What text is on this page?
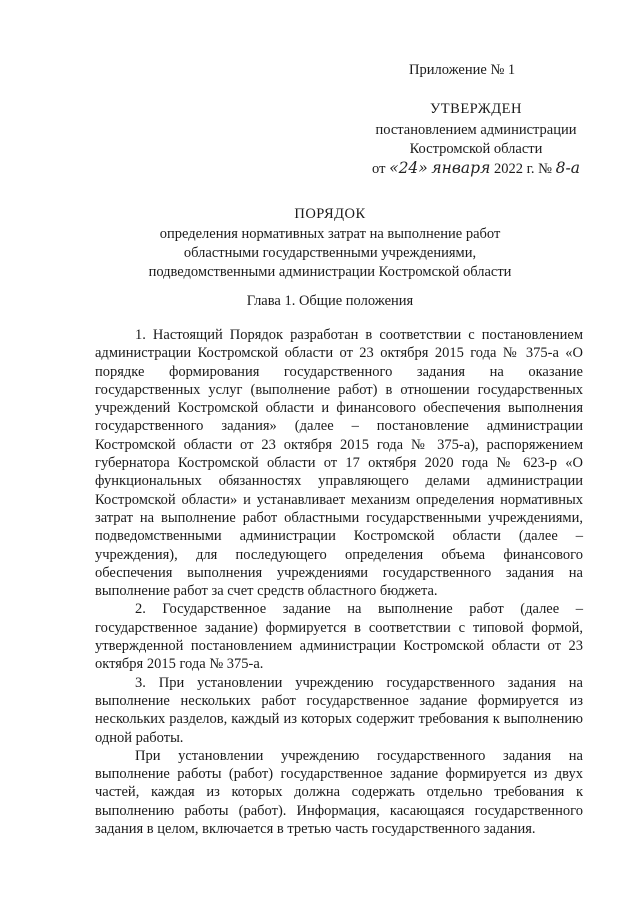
Приложение № 1
УТВЕРЖДЕН
постановлением администрации
Костромской области
от «24» января 2022 г. № 8-а
ПОРЯДОК
определения нормативных затрат на выполнение работ
областными государственными учреждениями,
подведомственными администрации Костромской области
Глава 1. Общие положения

1. Настоящий Порядок разработан в соответствии с постановлением администрации Костромской области от 23 октября 2015 года № 375-а «О порядке формирования государственного задания на оказание государственных услуг (выполнение работ) в отношении государственных учреждений Костромской области и финансового обеспечения выполнения государственного задания» (далее – постановление администрации Костромской области от 23 октября 2015 года № 375-а), распоряжением губернатора Костромской области от 17 октября 2020 года № 623-р «О функциональных обязанностях управляющего делами администрации Костромской области» и устанавливает механизм определения нормативных затрат на выполнение работ областными государственными учреждениями, подведомственными администрации Костромской области (далее – учреждения), для последующего определения объема финансового обеспечения выполнения учреждениями государственного задания на выполнение работ за счет средств областного бюджета.

2. Государственное задание на выполнение работ (далее – государственное задание) формируется в соответствии с типовой формой, утвержденной постановлением администрации Костромской области от 23 октября 2015 года № 375-а.

3. При установлении учреждению государственного задания на выполнение нескольких работ государственное задание формируется из нескольких разделов, каждый из которых содержит требования к выполнению одной работы.

При установлении учреждению государственного задания на выполнение работы (работ) государственное задание формируется из двух частей, каждая из которых должна содержать отдельно требования к выполнению работы (работ). Информация, касающаяся государственного задания в целом, включается в третью часть государственного задания.
